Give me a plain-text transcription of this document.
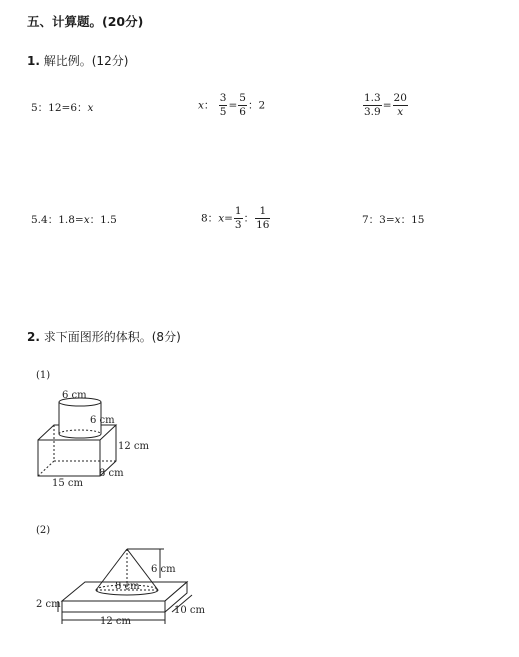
五、计算题。(20分)
1. 解比例。(12分)
5：12=6：x	x： $\frac{3}{5} = \frac{5}{6}$ ：2	$\frac{1.3}{3.9} = \frac{20}{x}$
5.4：1.8=x：1.5	8：$x= \frac{1}{3}$ ： $\frac{1}{16}$	7：3=x：15
2. 求下面图形的体积。(8分)
(1)
6 cm
6 cm
12 cm
8 cm
15 cm
(2)
6 cm
8 cm
2 cm
12 cm
10 cm
